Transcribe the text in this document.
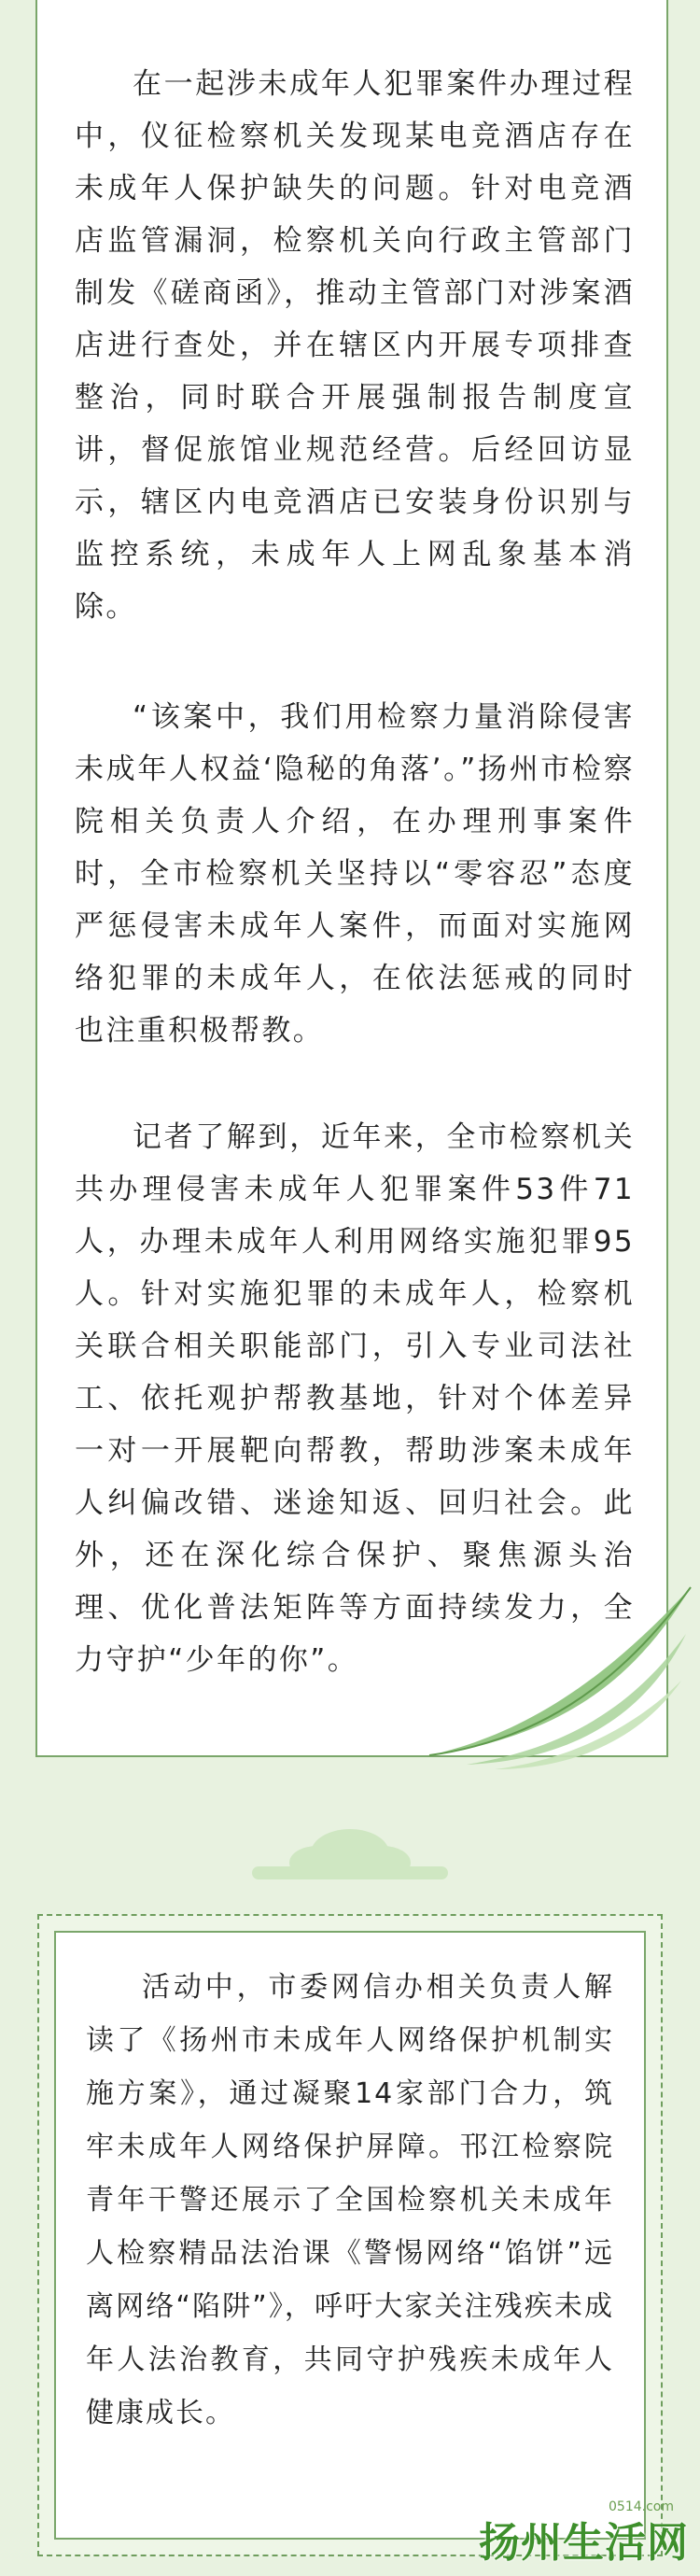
在一起涉未成年人犯罪案件办理过程中，仪征检察机关发现某电竞酒店存在未成年人保护缺失的问题。针对电竞酒店监管漏洞，检察机关向行政主管部门制发《磋商函》，推动主管部门对涉案酒店进行查处，并在辖区内开展专项排查整治，同时联合开展强制报告制度宣讲，督促旅馆业规范经营。后经回访显示，辖区内电竞酒店已安装身份识别与监控系统，未成年人上网乱象基本消除。

“该案中，我们用检察力量消除侵害未成年人权益‘隐秘的角落’。”扬州市检察院相关负责人介绍，在办理刑事案件时，全市检察机关坚持以“零容忍”态度严惩侵害未成年人案件，而面对实施网络犯罪的未成年人，在依法惩戒的同时也注重积极帮教。

记者了解到，近年来，全市检察机关共办理侵害未成年人犯罪案件53件71人，办理未成年人利用网络实施犯罪95人。针对实施犯罪的未成年人，检察机关联合相关职能部门，引入专业司法社工、依托观护帮教基地，针对个体差异一对一开展靶向帮教，帮助涉案未成年人纠偏改错、迷途知返、回归社会。此外，还在深化综合保护、聚焦源头治理、优化普法矩阵等方面持续发力，全力守护“少年的你”。

活动中，市委网信办相关负责人解读了《扬州市未成年人网络保护机制实施方案》，通过凝聚14家部门合力，筑牢未成年人网络保护屏障。邗江检察院青年干警还展示了全国检察机关未成年人检察精品法治课《警惕网络“馅饼”远离网络“陷阱”》，呼吁大家关注残疾未成年人法治教育，共同守护残疾未成年人健康成长。

0514.com
扬州生活网
